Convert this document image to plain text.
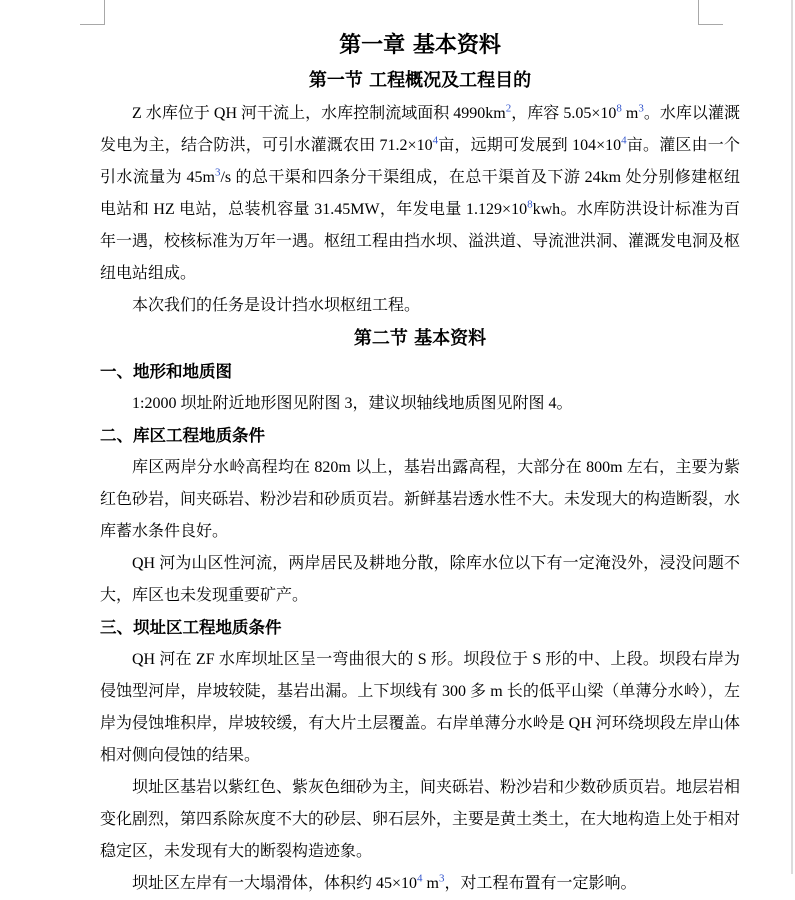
第一章 基本资料
第一节 工程概况及工程目的

Z 水库位于 QH 河干流上，水库控制流域面积 $4990km^2$，库容 $5.05\times 10^8$ $m^3$。水库以灌溉发电为主，结合防洪，可引水灌溉农田 $71.2\times 10^4$亩，远期可发展到 $104\times 10^4$亩。灌区由一个引水流量为 $45m^3/s$ 的总干渠和四条分干渠组成，在总干渠首及下游 24km 处分别修建枢纽电站和 HZ 电站，总装机容量 31.45MW，年发电量 $1.129\times 10^8kwh$。水库防洪设计标准为百年一遇，校核标准为万年一遇。枢纽工程由挡水坝、溢洪道、导流泄洪洞、灌溉发电洞及枢纽电站组成。

本次我们的任务是设计挡水坝枢纽工程。

第二节 基本资料
一、地形和地质图

1:2000 坝址附近地形图见附图 3，建议坝轴线地质图见附图 4。

二、库区工程地质条件

库区两岸分水岭高程均在 820m 以上，基岩出露高程，大部分在 800m 左右，主要为紫红色砂岩，间夹砾岩、粉沙岩和砂质页岩。新鲜基岩透水性不大。未发现大的构造断裂，水库蓄水条件良好。

QH 河为山区性河流，两岸居民及耕地分散，除库水位以下有一定淹没外，浸没问题不大，库区也未发现重要矿产。

三、坝址区工程地质条件

QH 河在 ZF 水库坝址区呈一弯曲很大的 S 形。坝段位于 S 形的中、上段。坝段右岸为侵蚀型河岸，岸坡较陡，基岩出漏。上下坝线有 300 多 m 长的低平山梁（单薄分水岭），左岸为侵蚀堆积岸，岸坡较缓，有大片土层覆盖。右岸单薄分水岭是 QH 河环绕坝段左岸山体相对侧向侵蚀的结果。

坝址区基岩以紫红色、紫灰色细砂为主，间夹砾岩、粉沙岩和少数砂质页岩。地层岩相变化剧烈，第四系除灰度不大的砂层、卵石层外，主要是黄土类土，在大地构造上处于相对稳定区，未发现有大的断裂构造迹象。

坝址区左岸有一大塌滑体，体积约 $45\times 10^4$ $m^3$，对工程布置有一定影响。
